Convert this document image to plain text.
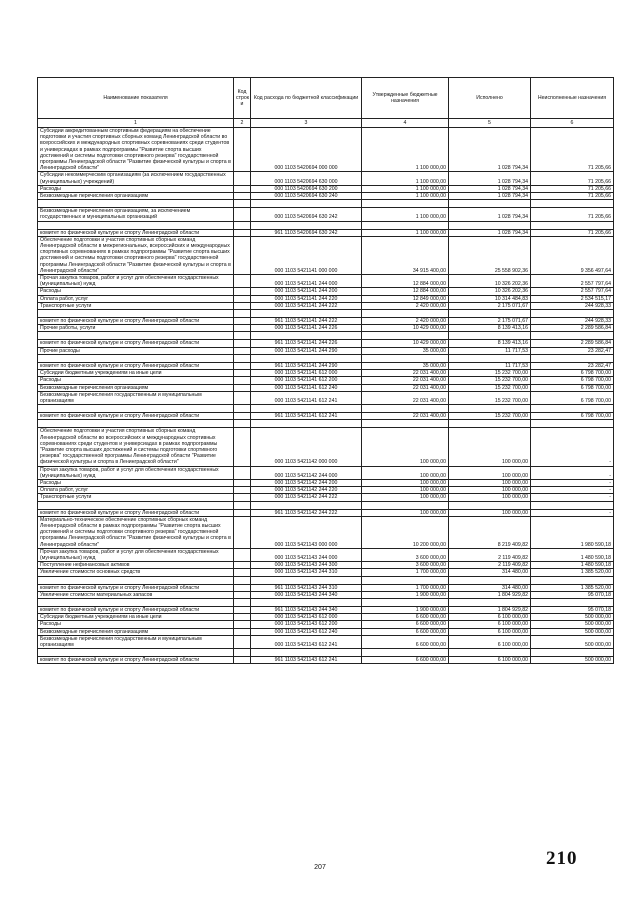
Наименование показателя	Код строк и	Код расхода по бюджетной классификации	Утвержденные бюджетные назначения	Исполнено	Неисполненные назначения
1	2	3	4	5	6
Субсидии аккредитованным спортивным федерациям на обеспечение подготовки и участия спортивных сборных команд Ленинградской области во всероссийских и международных спортивных соревнованиях среди студентов и универсиадах в рамках подпрограммы "Развитие спорта высших достижений и системы подготовки спортивного резерва" государственной программы Ленинградской области "Развитие физической культуры и спорта в Ленинградской области"		000 1103 5420694 000 000	1 100 000,00	1 028 794,34	71 205,66
Субсидии некоммерческим организациям (за исключением государственных (муниципальных) учреждений)		000 1103 5420694 630 000	1 100 000,00	1 028 794,34	71 205,66
Расходы		000 1103 5420694 630 200	1 100 000,00	1 028 794,34	71 205,66
Безвозмездные перечисления организациям		000 1103 5420694 630 240	1 100 000,00	1 028 794,34	71 205,66

Безвозмездные перечисления организациям, за исключением государственных и муниципальных организаций		000 1103 5420694 630 242	1 100 000,00	1 028 794,34	71 205,66

комитет по физической культуре и спорту Ленинградской области		961 1103 5420694 630 242	1 100 000,00	1 028 794,34	71 205,66
Обеспечение подготовки и участия спортивных сборных команд Ленинградской области в межрегиональных, всероссийских и международных спортивных соревнованиях в рамках подпрограммы "Развитие спорта высших достижений и системы подготовки спортивного резерва" государственной программы Ленинградской области "Развитие физической культуры и спорта в Ленинградской области"		000 1103 5421141 000 000	34 915 400,00	25 558 902,36	9 356 497,64
Прочая закупка товаров, работ и услуг для обеспечения государственных (муниципальных) нужд		000 1103 5421141 244 000	12 884 000,00	10 326 202,36	2 557 797,64
Расходы		000 1103 5421141 244 200	12 884 000,00	10 326 202,36	2 557 797,64
Оплата работ, услуг		000 1103 5421141 244 220	12 849 000,00	10 314 484,83	2 534 515,17
Транспортные услуги		000 1103 5421141 244 222	2 420 000,00	2 175 071,67	244 928,33

комитет по физической культуре и спорту Ленинградской области		961 1103 5421141 244 222	2 420 000,00	2 175 071,67	244 928,33
Прочие работы, услуги		000 1103 5421141 244 226	10 429 000,00	8 139 413,16	2 289 586,84

комитет по физической культуре и спорту Ленинградской области		961 1103 5421141 244 226	10 429 000,00	8 139 413,16	2 289 586,84
Прочие расходы		000 1103 5421141 244 290	35 000,00	11 717,53	23 282,47

комитет по физической культуре и спорту Ленинградской области		961 1103 5421141 244 290	35 000,00	11 717,53	23 282,47
Субсидии бюджетным учреждениям на иные цели		000 1103 5421141 612 000	22 031 400,00	15 232 700,00	6 798 700,00
Расходы		000 1103 5421141 612 200	22 031 400,00	15 232 700,00	6 798 700,00
Безвозмездные перечисления организациям		000 1103 5421141 612 240	22 031 400,00	15 232 700,00	6 798 700,00
Безвозмездные перечисления государственным и муниципальным организациям		000 1103 5421141 612 241	22 031 400,00	15 232 700,00	6 798 700,00

комитет по физической культуре и спорту Ленинградской области		961 1103 5421141 612 241	22 031 400,00	15 232 700,00	6 798 700,00

Обеспечение подготовки и участия спортивных сборных команд Ленинградской области во всероссийских и международных спортивных соревнованиях среди студентов и универсиадах в рамках подпрограммы "Развитие спорта высших достижений и системы подготовки спортивного резерва" государственной программы Ленинградской области "Развитие физической культуры и спорта в Ленинградской области"		000 1103 5421142 000 000	100 000,00	100 000,00	-
Прочая закупка товаров, работ и услуг для обеспечения государственных (муниципальных) нужд		000 1103 5421142 244 000	100 000,00	100 000,00	-
Расходы		000 1103 5421142 244 200	100 000,00	100 000,00	-
Оплата работ, услуг		000 1103 5421142 244 220	100 000,00	100 000,00	-
Транспортные услуги		000 1103 5421142 244 222	100 000,00	100 000,00	-

комитет по физической культуре и спорту Ленинградской области		961 1103 5421142 244 222	100 000,00	100 000,00	-
Материально-техническое обеспечение спортивных сборных команд Ленинградской области в рамках подпрограммы "Развитие спорта высших достижений и системы подготовки спортивного резерва" государственной программы Ленинградской области "Развитие физической культуры и спорта в Ленинградской области"		000 1103 5421143 000 000	10 200 000,00	8 219 409,82	1 980 590,18
Прочая закупка товаров, работ и услуг для обеспечения государственных (муниципальных) нужд		000 1103 5421143 244 000	3 600 000,00	2 119 409,82	1 480 590,18
Поступление нефинансовых активов		000 1103 5421143 244 300	3 600 000,00	2 119 409,82	1 480 590,18
Увеличение стоимости основных средств		000 1103 5421143 244 310	1 700 000,00	314 480,00	1 385 520,00

комитет по физической культуре и спорту Ленинградской области		961 1103 5421143 244 310	1 700 000,00	314 480,00	1 385 520,00
Увеличение стоимости материальных запасов		000 1103 5421143 244 340	1 900 000,00	1 804 929,82	95 070,18

комитет по физической культуре и спорту Ленинградской области		961 1103 5421143 244 340	1 900 000,00	1 804 929,82	95 070,18
Субсидии бюджетным учреждениям на иные цели		000 1103 5421143 612 000	6 600 000,00	6 100 000,00	500 000,00
Расходы		000 1103 5421143 612 200	6 600 000,00	6 100 000,00	500 000,00
Безвозмездные перечисления организациям		000 1103 5421143 612 240	6 600 000,00	6 100 000,00	500 000,00
Безвозмездные перечисления государственным и муниципальным организациям		000 1103 5421143 612 241	6 600 000,00	6 100 000,00	500 000,00

комитет по физической культуре и спорту Ленинградской области		961 1103 5421143 612 241	6 600 000,00	6 100 000,00	500 000,00
207	210
